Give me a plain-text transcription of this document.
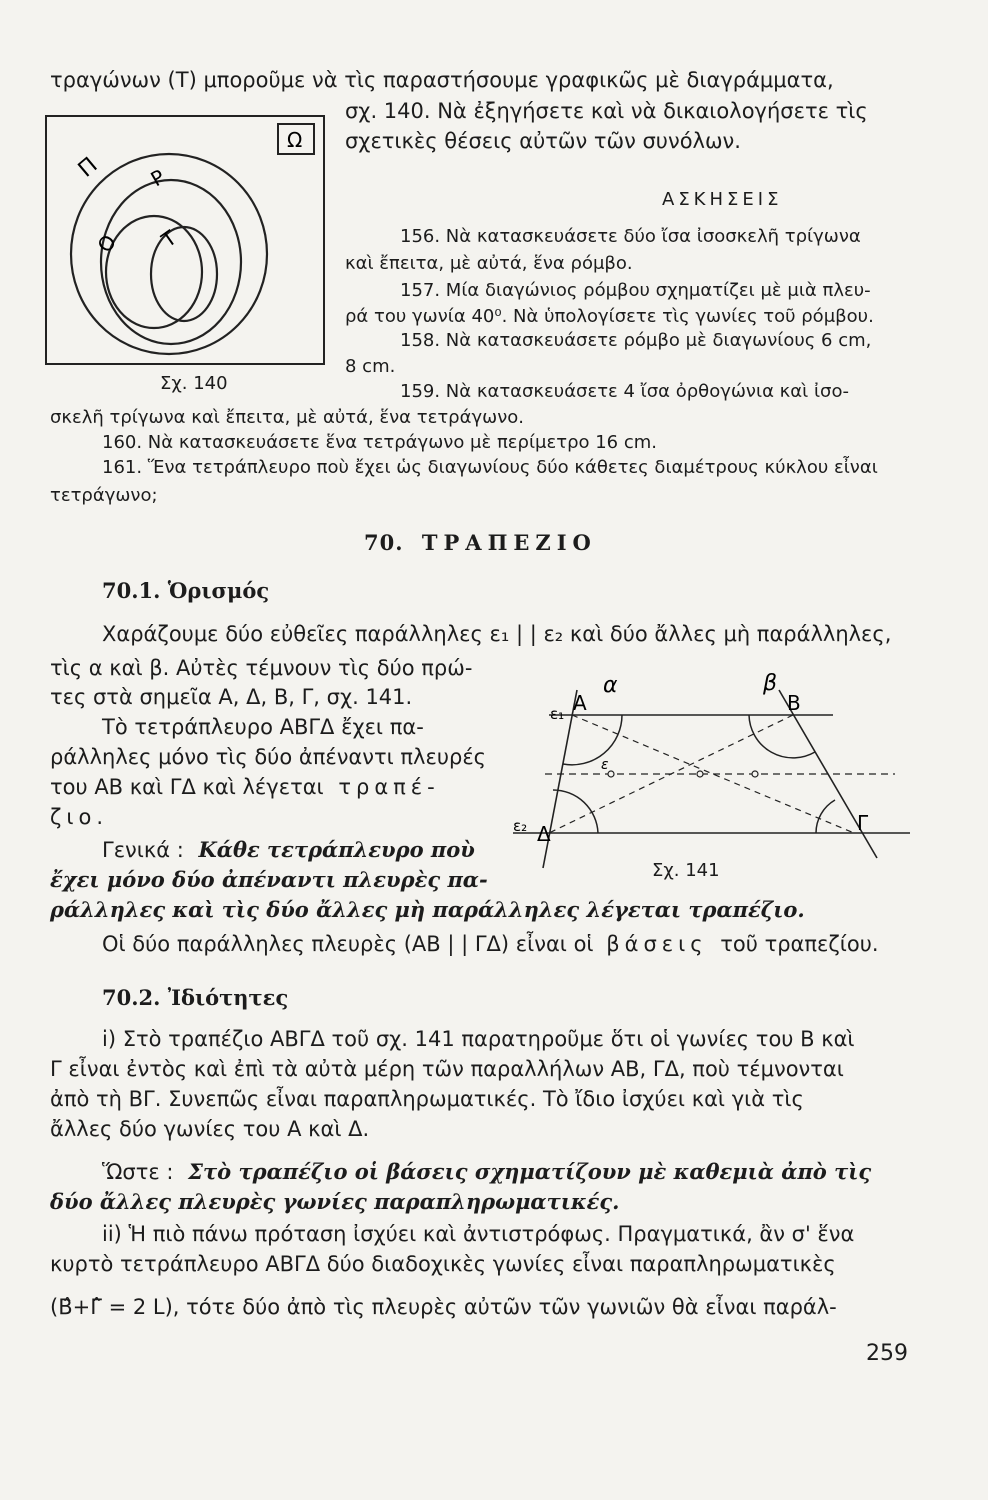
τραγώνων (Τ) μποροῦμε νὰ τὶς παραστήσουμε γραφικῶς μὲ διαγράμματα,
σχ. 140. Νὰ ἐξηγήσετε καὶ νὰ δικαιολογήσετε τὶς
σχετικὲς θέσεις αὐτῶν τῶν συνόλων.
Ω
Π Ρ
Ο Τ
Σχ. 140
ΑΣΚΗΣΕΙΣ
156. Νὰ κατασκευάσετε δύο ἴσα ἰσοσκελῆ τρίγωνα
καὶ ἔπειτα, μὲ αὐτά, ἕνα ρόμβο.
157. Μία διαγώνιος ρόμβου σχηματίζει μὲ μιὰ πλευ-
ρά του γωνία 40⁰. Νὰ ὑπολογίσετε τὶς γωνίες τοῦ ρόμβου.
158. Νὰ κατασκευάσετε ρόμβο μὲ διαγωνίους 6 cm,
8 cm.
159. Νὰ κατασκευάσετε 4 ἴσα ὀρθογώνια καὶ ἰσο-
σκελῆ τρίγωνα καὶ ἔπειτα, μὲ αὐτά, ἕνα τετράγωνο.
160. Νὰ κατασκευάσετε ἕνα τετράγωνο μὲ περίμετρο 16 cm.
161. Ἕνα τετράπλευρο ποὺ ἔχει ὡς διαγωνίους δύο κάθετες διαμέτρους κύκλου εἶναι
τετράγωνο;
70. ΤΡΑΠΕΖΙΟ
70.1. Ὁρισμός
Χαράζουμε δύο εὐθεῖες παράλληλες ε₁ | | ε₂ καὶ δύο ἄλλες μὴ παράλληλες,
τὶς α καὶ β. Αὐτὲς τέμνουν τὶς δύο πρώ-
τες στὰ σημεῖα Α, Δ, Β, Γ, σχ. 141.
Τὸ τετράπλευρο ΑΒΓΔ ἔχει πα-
ράλληλες μόνο τὶς δύο ἀπέναντι πλευρές
του ΑΒ καὶ ΓΔ καὶ λέγεται τραπέ-
ζιο.
Γενικά : Κάθε τετράπλευρο ποὺ
ἔχει μόνο δύο ἀπέναντι πλευρὲς πα-
ράλληλες καὶ τὶς δύο ἄλλες μὴ παράλληλες λέγεται τραπέζιο.
Οἱ δύο παράλληλες πλευρὲς (ΑΒ | | ΓΔ) εἶναι οἱ βάσεις τοῦ τραπεζίου.
α	β
Α	Β
Γ
Δ
ε₁
ε₂
ε
Σχ. 141
70.2. Ἰδιότητες
i) Στὸ τραπέζιο ΑΒΓΔ τοῦ σχ. 141 παρατηροῦμε ὅτι οἱ γωνίες του Β καὶ
Γ εἶναι ἐντὸς καὶ ἐπὶ τὰ αὐτὰ μέρη τῶν παραλλήλων ΑΒ, ΓΔ, ποὺ τέμνονται
ἀπὸ τὴ ΒΓ. Συνεπῶς εἶναι παραπληρωματικές. Τὸ ἴδιο ἰσχύει καὶ γιὰ τὶς
ἄλλες δύο γωνίες του Α καὶ Δ.
Ὥστε : Στὸ τραπέζιο οἱ βάσεις σχηματίζουν μὲ καθεμιὰ ἀπὸ τὶς
δύο ἄλλες πλευρὲς γωνίες παραπληρωματικές.
ii) Ἡ πιὸ πάνω πρόταση ἰσχύει καὶ ἀντιστρόφως. Πραγματικά, ἂν σ' ἕνα
κυρτὸ τετράπλευρο ΑΒΓΔ δύο διαδοχικὲς γωνίες εἶναι παραπληρωματικὲς
(Β̂+Γ̂ = 2 L), τότε δύο ἀπὸ τὶς πλευρὲς αὐτῶν τῶν γωνιῶν θὰ εἶναι παράλ-
259
